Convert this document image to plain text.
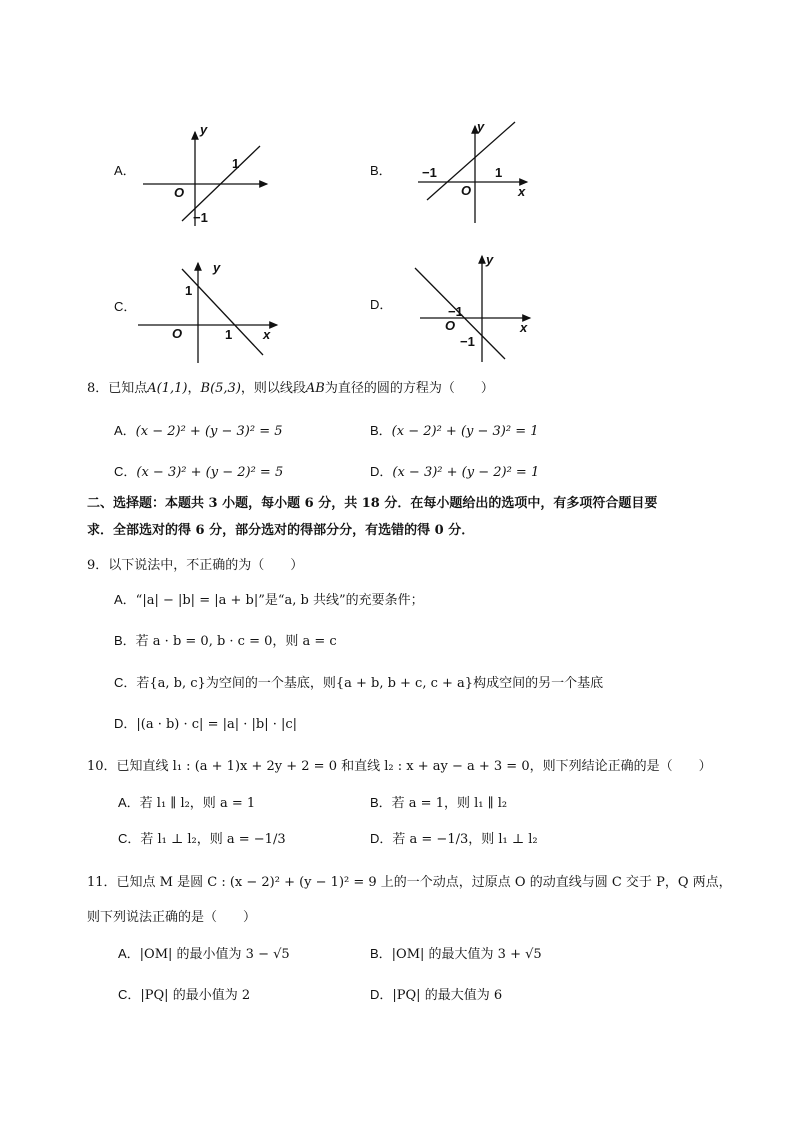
A．
y
O
1
−1
B．
y
x
O
−1	1
C．
y
x
O
1
1
D．
y
x
O
−1
−1
8．已知点A(1,1)，B(5,3)，则以线段AB为直径的圆的方程为（　　）
A．(x − 2)² + (y − 3)² = 5	B．(x − 2)² + (y − 3)² = 1
C．(x − 3)² + (y − 2)² = 5	D．(x − 3)² + (y − 2)² = 1
二、选择题：本题共 3 小题，每小题 6 分，共 18 分．在每小题给出的选项中，有多项符合题目要
求．全部选对的得 6 分，部分选对的得部分分，有选错的得 0 分．
9．以下说法中，不正确的为（　　）
A．“|a| − |b| = |a + b|”是“a, b 共线”的充要条件；
B．若 a · b = 0, b · c = 0，则 a = c
C．若{a, b, c}为空间的一个基底，则{a + b, b + c, c + a}构成空间的另一个基底
D．|(a · b) · c| = |a| · |b| · |c|
10．已知直线 l₁ : (a + 1)x + 2y + 2 = 0 和直线 l₂ : x + ay − a + 3 = 0，则下列结论正确的是（　　）
A．若 l₁ ∥ l₂，则 a = 1	B．若 a = 1，则 l₁ ∥ l₂
C．若 l₁ ⊥ l₂，则 a = −1/3	D．若 a = −1/3，则 l₁ ⊥ l₂
11．已知点 M 是圆 C : (x − 2)² + (y − 1)² = 9 上的一个动点，过原点 O 的动直线与圆 C 交于 P，Q 两点，
则下列说法正确的是（　　）
A．|OM| 的最小值为 3 − √5	B．|OM| 的最大值为 3 + √5
C．|PQ| 的最小值为 2	D．|PQ| 的最大值为 6
